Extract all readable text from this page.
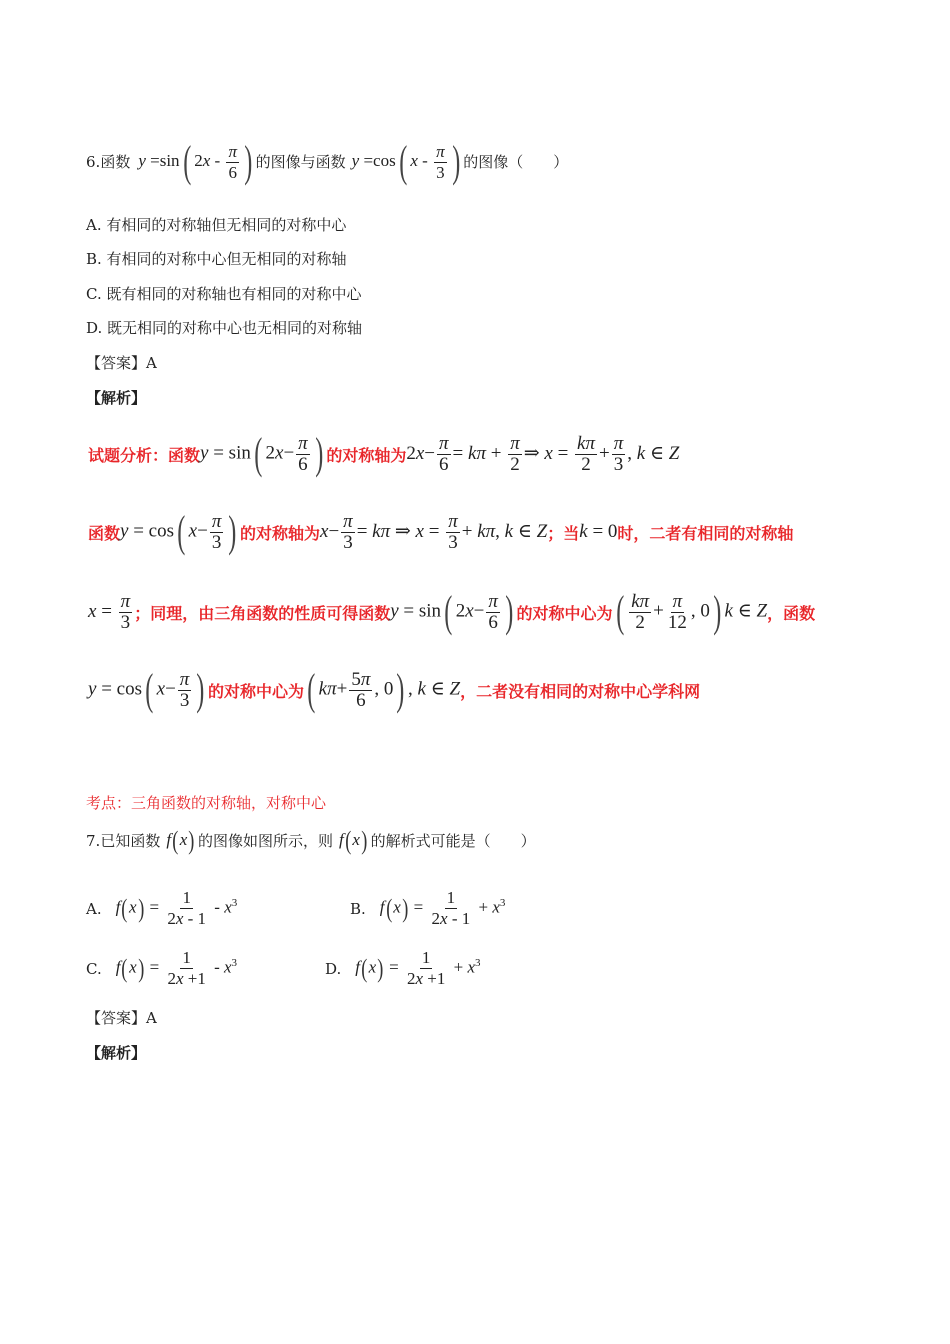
6. 函数 y =sin( $2x - \frac{\pi}{6}$ ) 的图像与函数 y =cos( x - $\frac{\pi}{3}$ ) 的图像（　　）
A. 有相同的对称轴但无相同的对称中心
B. 有相同的对称中心但无相同的对称轴
C. 既有相同的对称轴也有相同的对称中心
D. 既无相同的对称中心也无相同的对称轴
【答案】A
【解析】
试题分析：函数 y = sin( $2x- \frac{\pi}{6}$ ) 的对称轴为 $2x- \frac{\pi}{6} = k\pi + \frac{\pi}{2}$ ⇒ $x = \frac{k\pi}{2} + \frac{\pi}{3}$ , k ∈ Z
函数 y = cos( $x- \frac{\pi}{3}$ ) 的对称轴为 $x- \frac{\pi}{3} = k\pi$ ⇒ $x = \frac{\pi}{3} + k\pi$, k ∈ Z ；当 k = 0 时，二者有相同的对称轴
$x = \frac{\pi}{3}$ ；同理，由三角函数的性质可得函数 y = sin( $2x- \frac{\pi}{6}$ ) 的对称中心为 ( $\frac{k\pi}{2} + \frac{\pi}{12}$ , 0) k ∈ Z ，函数
y = cos( $x- \frac{\pi}{3}$ ) 的对称中心为 ( $k\pi+ \frac{5\pi}{6}$ , 0) , k ∈ Z ，二者没有相同的对称中心学科网
考点：三角函数的对称轴，对称中心
7. 已知函数 f(x) 的图像如图所示，则 f(x) 的解析式可能是（　　）
A. $f(x) = \frac{1}{2x - 1} - x^3$	B. $f(x) = \frac{1}{2x - 1} + x^3$
C. $f(x) = \frac{1}{2x +1} - x^3$	D. $f(x) = \frac{1}{2x +1} + x^3$
【答案】A
【解析】
